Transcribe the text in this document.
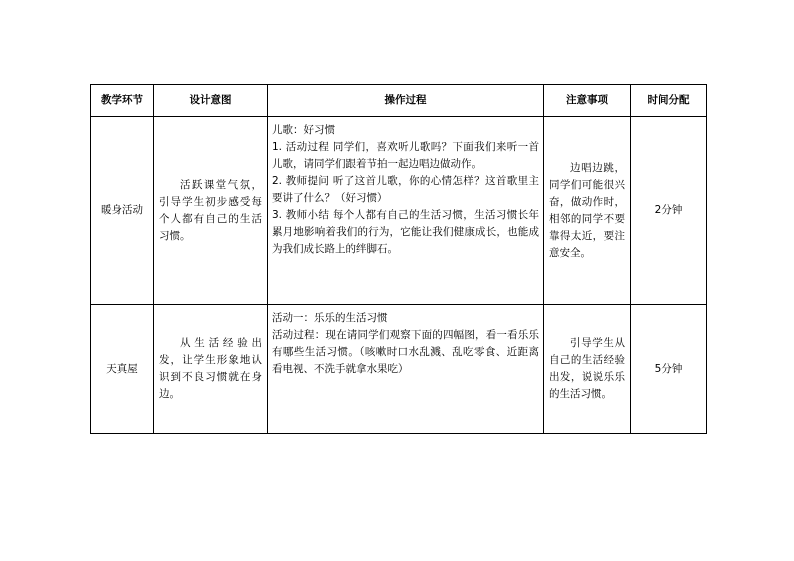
教学环节	设计意图	操作过程	注意事项	时间分配
暖身活动	活跃课堂气氛，引导学生初步感受每个人都有自己的生活习惯。	儿歌：好习惯

1. 活动过程 同学们，喜欢听儿歌吗？下面我们来听一首儿歌，请同学们跟着节拍一起边唱边做动作。

2. 教师提问 听了这首儿歌，你的心情怎样？这首歌里主要讲了什么？（好习惯）

3. 教师小结 每个人都有自己的生活习惯，生活习惯长年累月地影响着我们的行为，它能让我们健康成长，也能成为我们成长路上的绊脚石。	边唱边跳，同学们可能很兴奋，做动作时，相邻的同学不要靠得太近，要注意安全。	2分钟
天真屋	从生活经验出发，让学生形象地认识到不良习惯就在身边。	活动一：乐乐的生活习惯

活动过程：现在请同学们观察下面的四幅图，看一看乐乐有哪些生活习惯。（咳嗽时口水乱溅、乱吃零食、近距离看电视、不洗手就拿水果吃）	引导学生从自己的生活经验出发，说说乐乐的生活习惯。	5分钟
